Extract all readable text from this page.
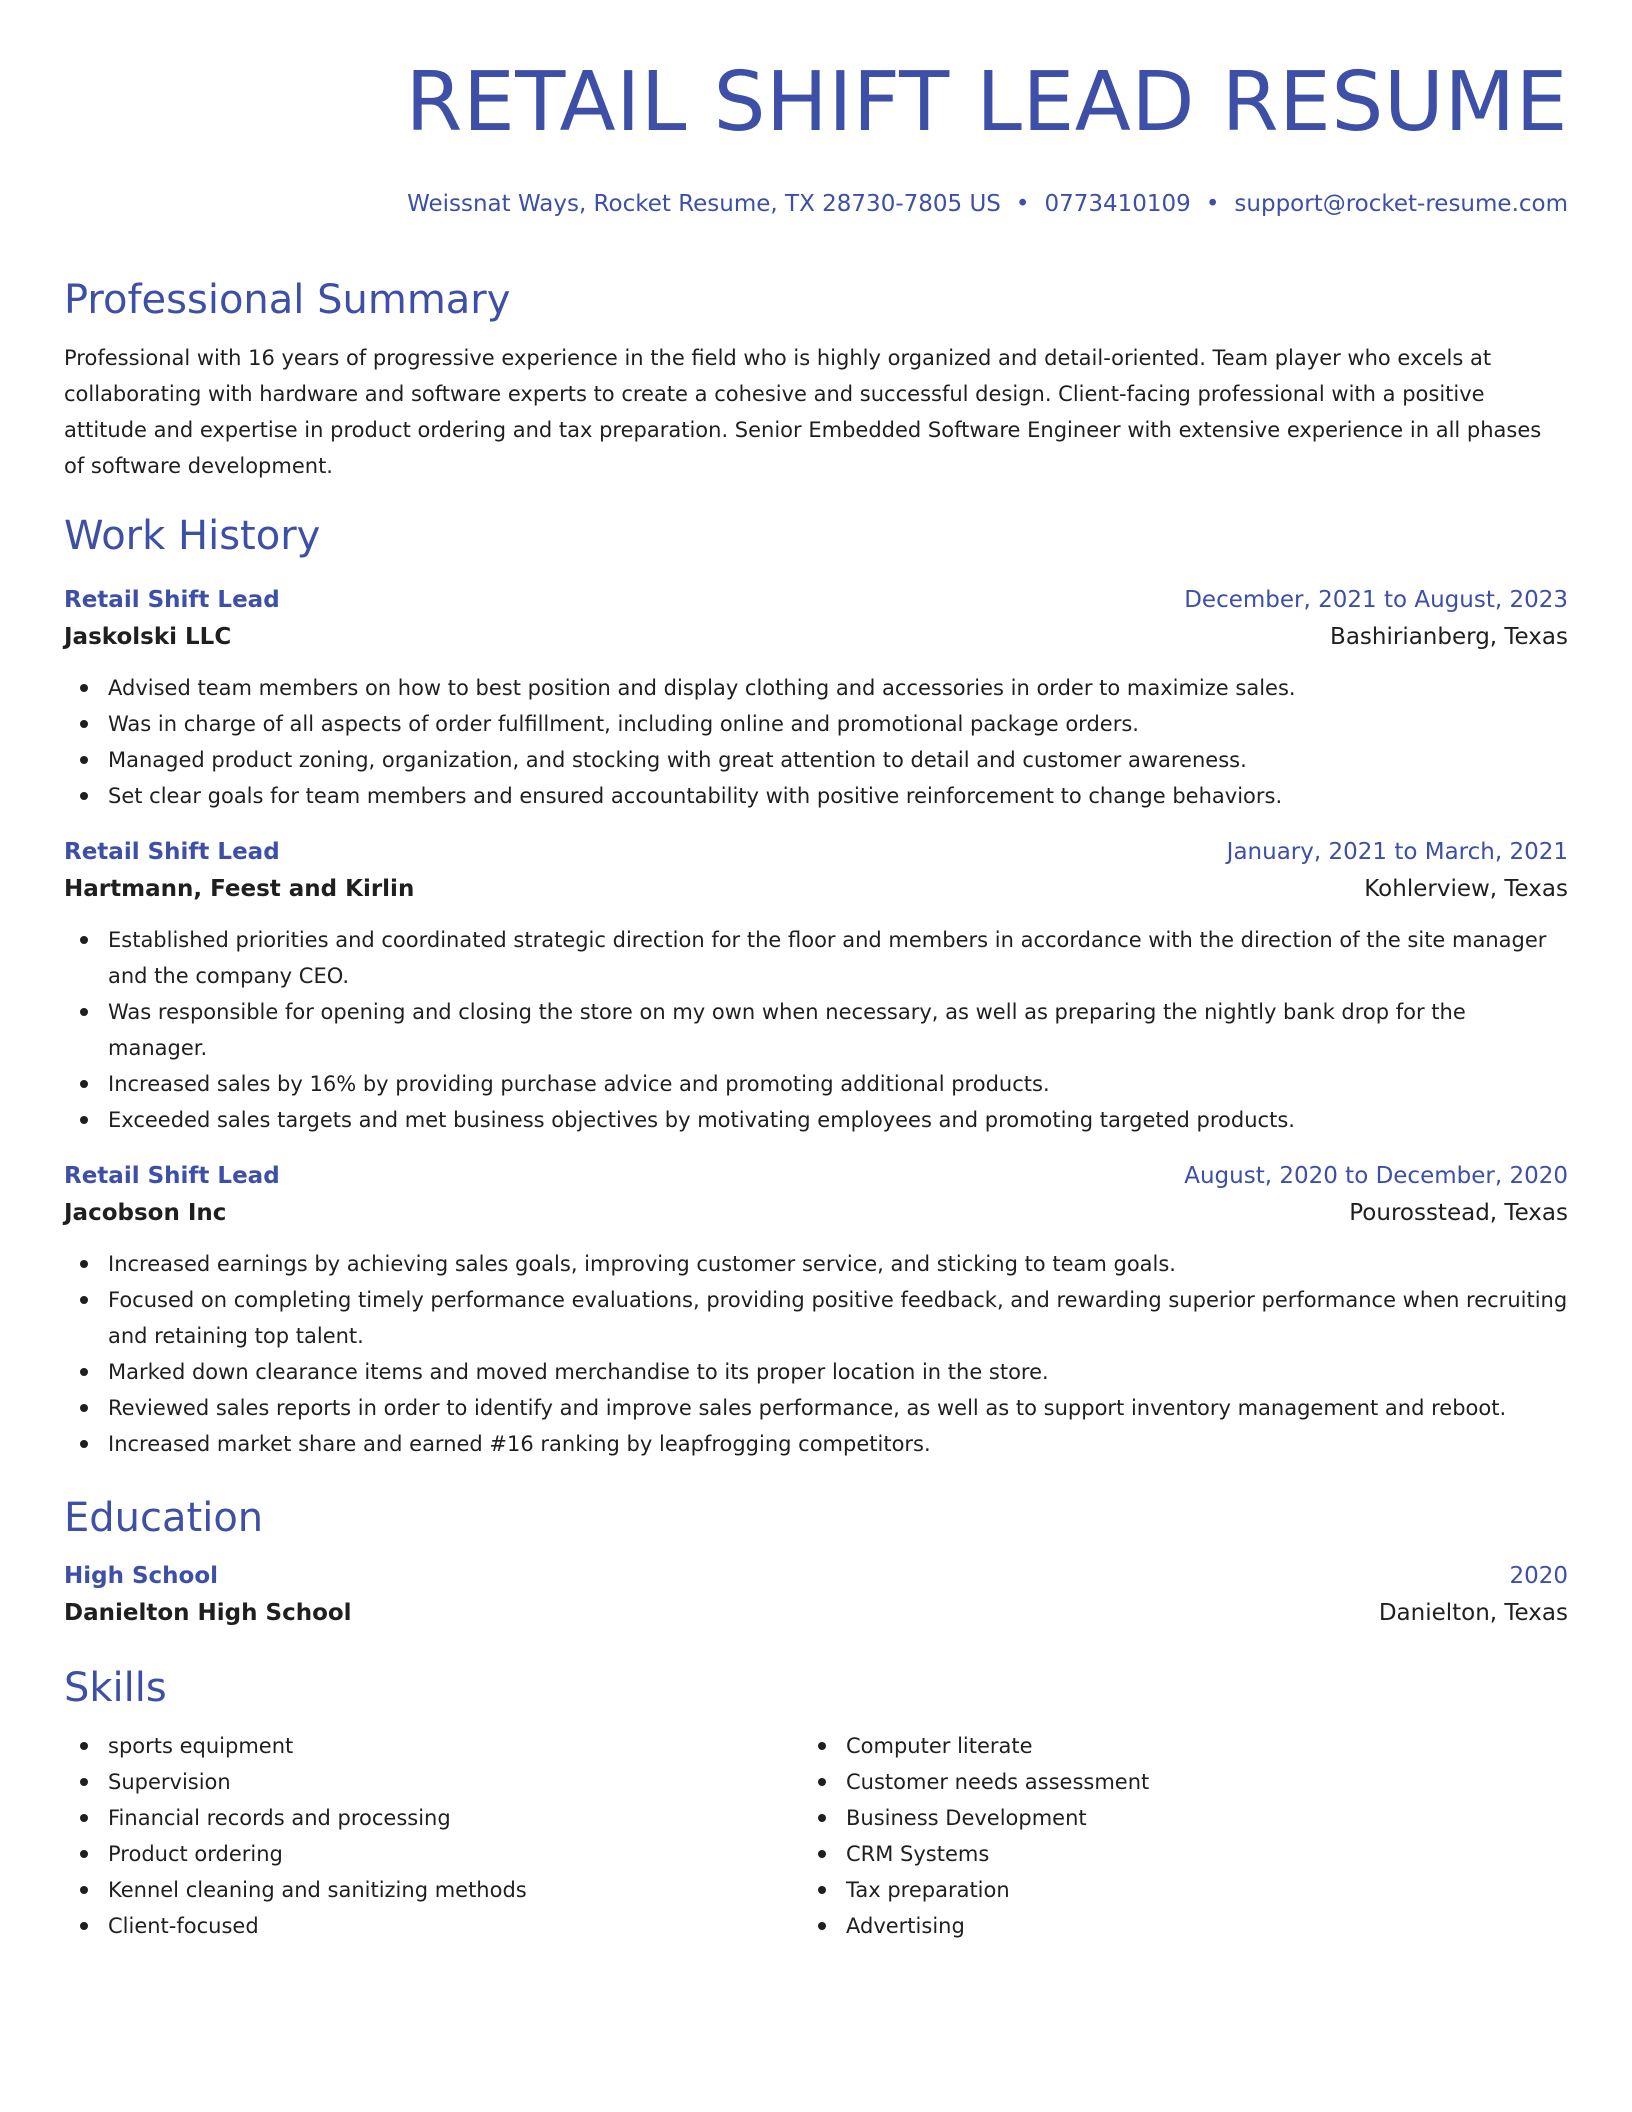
RETAIL SHIFT LEAD RESUME
Weissnat Ways, Rocket Resume, TX 28730-7805 US • 0773410109 • support@rocket-resume.com
Professional Summary

Professional with 16 years of progressive experience in the field who is highly organized and detail-oriented. Team player who excels at collaborating with hardware and software experts to create a cohesive and successful design. Client-facing professional with a positive attitude and expertise in product ordering and tax preparation. Senior Embedded Software Engineer with extensive experience in all phases of software development.

Work History
Retail Shift Lead	December, 2021 to August, 2023
Jaskolski LLC	Bashirianberg, Texas
Advised team members on how to best position and display clothing and accessories in order to maximize sales.
Was in charge of all aspects of order fulfillment, including online and promotional package orders.
Managed product zoning, organization, and stocking with great attention to detail and customer awareness.
Set clear goals for team members and ensured accountability with positive reinforcement to change behaviors.
Retail Shift Lead	January, 2021 to March, 2021
Hartmann, Feest and Kirlin	Kohlerview, Texas
Established priorities and coordinated strategic direction for the floor and members in accordance with the direction of the site manager and the company CEO.
Was responsible for opening and closing the store on my own when necessary, as well as preparing the nightly bank drop for the manager.
Increased sales by 16% by providing purchase advice and promoting additional products.
Exceeded sales targets and met business objectives by motivating employees and promoting targeted products.
Retail Shift Lead	August, 2020 to December, 2020
Jacobson Inc	Pourosstead, Texas
Increased earnings by achieving sales goals, improving customer service, and sticking to team goals.
Focused on completing timely performance evaluations, providing positive feedback, and rewarding superior performance when recruiting and retaining top talent.
Marked down clearance items and moved merchandise to its proper location in the store.
Reviewed sales reports in order to identify and improve sales performance, as well as to support inventory management and reboot.
Increased market share and earned #16 ranking by leapfrogging competitors.
Education
High School	2020
Danielton High School	Danielton, Texas
Skills
sports equipment
Supervision
Financial records and processing
Product ordering
Kennel cleaning and sanitizing methods
Client-focused
Computer literate
Customer needs assessment
Business Development
CRM Systems
Tax preparation
Advertising
